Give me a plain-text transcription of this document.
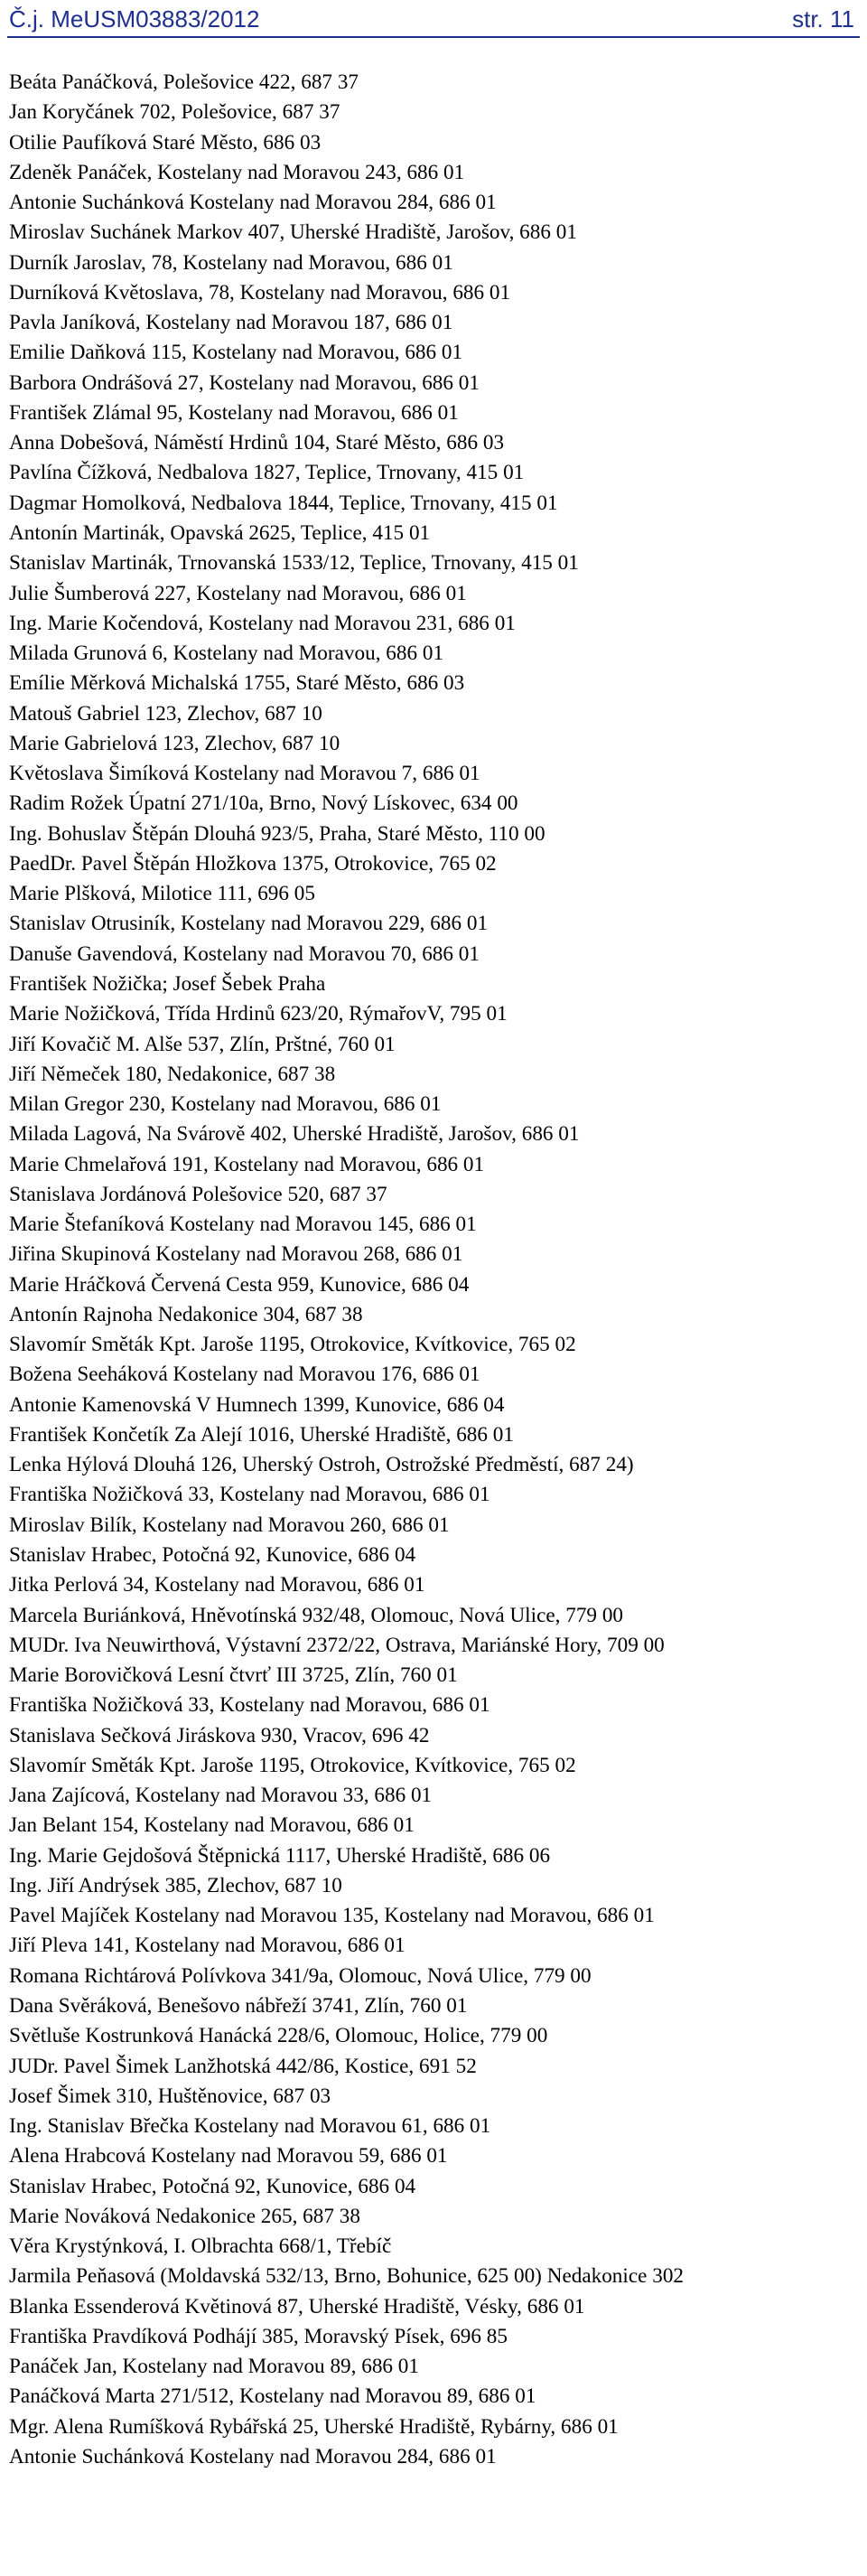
Č.j. MeUSM03883/2012	str. 11
Beáta Panáčková, Polešovice 422, 687 37
Jan Koryčánek 702, Polešovice, 687 37
Otilie Paufíková Staré Město, 686 03
Zdeněk Panáček, Kostelany nad Moravou 243, 686 01
Antonie Suchánková Kostelany nad Moravou 284, 686 01
Miroslav Suchánek Markov 407, Uherské Hradiště, Jarošov, 686 01
Durník Jaroslav, 78, Kostelany nad Moravou, 686 01
Durníková Květoslava, 78, Kostelany nad Moravou, 686 01
Pavla Janíková, Kostelany nad Moravou 187, 686 01
Emilie Daňková 115, Kostelany nad Moravou, 686 01
Barbora Ondrášová 27, Kostelany nad Moravou, 686 01
František Zlámal 95, Kostelany nad Moravou, 686 01
Anna Dobešová, Náměstí Hrdinů 104, Staré Město, 686 03
Pavlína Čížková, Nedbalova 1827, Teplice, Trnovany, 415 01
Dagmar Homolková, Nedbalova 1844, Teplice, Trnovany, 415 01
Antonín Martinák, Opavská 2625, Teplice, 415 01
Stanislav Martinák, Trnovanská 1533/12, Teplice, Trnovany, 415 01
Julie Šumberová 227, Kostelany nad Moravou, 686 01
Ing. Marie Kočendová, Kostelany nad Moravou 231, 686 01
Milada Grunová 6, Kostelany nad Moravou, 686 01
Emílie Měrková Michalská 1755, Staré Město, 686 03
Matouš Gabriel 123, Zlechov, 687 10
Marie Gabrielová 123, Zlechov, 687 10
Květoslava Šimíková Kostelany nad Moravou 7, 686 01
Radim Rožek Úpatní 271/10a, Brno, Nový Lískovec, 634 00
Ing. Bohuslav Štěpán Dlouhá 923/5, Praha, Staré Město, 110 00
PaedDr. Pavel Štěpán Hložkova 1375, Otrokovice, 765 02
Marie Plšková, Milotice 111, 696 05
Stanislav Otrusiník, Kostelany nad Moravou 229, 686 01
Danuše Gavendová, Kostelany nad Moravou 70, 686 01
František Nožička; Josef Šebek Praha
Marie Nožičková, Třída Hrdinů 623/20, RýmařovV, 795 01
Jiří Kovačič M. Alše 537, Zlín, Prštné, 760 01
Jiří Němeček 180, Nedakonice, 687 38
Milan Gregor 230, Kostelany nad Moravou, 686 01
Milada Lagová, Na Svárově 402, Uherské Hradiště, Jarošov, 686 01
Marie Chmelařová 191, Kostelany nad Moravou, 686 01
Stanislava Jordánová Polešovice 520, 687 37
Marie Štefaníková Kostelany nad Moravou 145, 686 01
Jiřina Skupinová Kostelany nad Moravou 268, 686 01
Marie Hráčková Červená Cesta 959, Kunovice, 686 04
Antonín Rajnoha Nedakonice 304, 687 38
Slavomír Směták Kpt. Jaroše 1195, Otrokovice, Kvítkovice, 765 02
Božena Seeháková Kostelany nad Moravou 176, 686 01
Antonie Kamenovská V Humnech 1399, Kunovice, 686 04
František Končetík Za Alejí 1016, Uherské Hradiště, 686 01
Lenka Hýlová Dlouhá 126, Uherský Ostroh, Ostrožské Předměstí, 687 24)
Františka Nožičková 33, Kostelany nad Moravou, 686 01
Miroslav Bilík, Kostelany nad Moravou 260, 686 01
Stanislav Hrabec, Potočná 92, Kunovice, 686 04
Jitka Perlová 34, Kostelany nad Moravou, 686 01
Marcela Buriánková, Hněvotínská 932/48, Olomouc, Nová Ulice, 779 00
MUDr. Iva Neuwirthová, Výstavní 2372/22, Ostrava, Mariánské Hory, 709 00
Marie Borovičková Lesní čtvrť III 3725, Zlín, 760 01
Františka Nožičková 33, Kostelany nad Moravou, 686 01
Stanislava Sečková Jiráskova 930, Vracov, 696 42
Slavomír Směták Kpt. Jaroše 1195, Otrokovice, Kvítkovice, 765 02
Jana Zajícová, Kostelany nad Moravou 33, 686 01
Jan Belant 154, Kostelany nad Moravou, 686 01
Ing. Marie Gejdošová Štěpnická 1117, Uherské Hradiště, 686 06
Ing. Jiří Andrýsek 385, Zlechov, 687 10
Pavel Majíček Kostelany nad Moravou 135, Kostelany nad Moravou, 686 01
Jiří Pleva 141, Kostelany nad Moravou, 686 01
Romana Richtárová Polívkova 341/9a, Olomouc, Nová Ulice, 779 00
Dana Svěráková, Benešovo nábřeží 3741, Zlín, 760 01
Světluše Kostrunková Hanácká 228/6, Olomouc, Holice, 779 00
JUDr. Pavel Šimek Lanžhotská 442/86, Kostice, 691 52
Josef Šimek 310, Huštěnovice, 687 03
Ing. Stanislav Břečka Kostelany nad Moravou 61, 686 01
Alena Hrabcová Kostelany nad Moravou 59, 686 01
Stanislav Hrabec, Potočná 92, Kunovice, 686 04
Marie Nováková Nedakonice 265, 687 38
Věra Krystýnková, I. Olbrachta 668/1, Třebíč
Jarmila Peňasová (Moldavská 532/13, Brno, Bohunice, 625 00) Nedakonice 302
Blanka Essenderová Květinová 87, Uherské Hradiště, Vésky, 686 01
Františka Pravdíková Podhájí 385, Moravský Písek, 696 85
Panáček Jan, Kostelany nad Moravou 89, 686 01
Panáčková Marta 271/512, Kostelany nad Moravou 89, 686 01
Mgr. Alena Rumíšková Rybářská 25, Uherské Hradiště, Rybárny, 686 01
Antonie Suchánková Kostelany nad Moravou 284, 686 01
